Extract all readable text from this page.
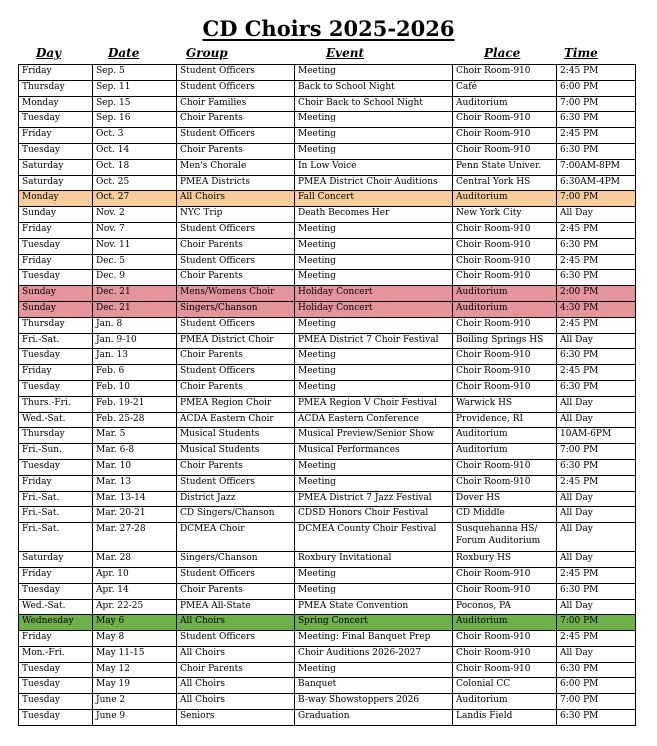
CD Choirs 2025-2026
Day	Date	Group	Event	Place	Time
Friday	Sep. 5	Student Officers	Meeting	Choir Room-910	2:45 PM
Thursday	Sep. 11	Student Officers	Back to School Night	Café	6:00 PM
Monday	Sep. 15	Choir Families	Choir Back to School Night	Auditorium	7:00 PM
Tuesday	Sep. 16	Choir Parents	Meeting	Choir Room-910	6:30 PM
Friday	Oct. 3	Student Officers	Meeting	Choir Room-910	2:45 PM
Tuesday	Oct. 14	Choir Parents	Meeting	Choir Room-910	6:30 PM
Saturday	Oct. 18	Men's Chorale	In Low Voice	Penn State Univer.	7:00AM-8PM
Saturday	Oct. 25	PMEA Districts	PMEA District Choir Auditions	Central York HS	6:30AM-4PM
Monday	Oct. 27	All Choirs	Fall Concert	Auditorium	7:00 PM
Sunday	Nov. 2	NYC Trip	Death Becomes Her	New York City	All Day
Friday	Nov. 7	Student Officers	Meeting	Choir Room-910	2:45 PM
Tuesday	Nov. 11	Choir Parents	Meeting	Choir Room-910	6:30 PM
Friday	Dec. 5	Student Officers	Meeting	Choir Room-910	2:45 PM
Tuesday	Dec. 9	Choir Parents	Meeting	Choir Room-910	6:30 PM
Sunday	Dec. 21	Mens/Womens Choir	Holiday Concert	Auditorium	2:00 PM
Sunday	Dec. 21	Singers/Chanson	Holiday Concert	Auditorium	4:30 PM
Thursday	Jan. 8	Student Officers	Meeting	Choir Room-910	2:45 PM
Fri.-Sat.	Jan. 9-10	PMEA District Choir	PMEA District 7 Choir Festival	Boiling Springs HS	All Day
Tuesday	Jan. 13	Choir Parents	Meeting	Choir Room-910	6:30 PM
Friday	Feb. 6	Student Officers	Meeting	Choir Room-910	2:45 PM
Tuesday	Feb. 10	Choir Parents	Meeting	Choir Room-910	6:30 PM
Thurs.-Fri.	Feb. 19-21	PMEA Region Choir	PMEA Region V Choir Festival	Warwick HS	All Day
Wed.-Sat.	Feb. 25-28	ACDA Eastern Choir	ACDA Eastern Conference	Providence, RI	All Day
Thursday	Mar. 5	Musical Students	Musical Preview/Senior Show	Auditorium	10AM-6PM
Fri.-Sun.	Mar. 6-8	Musical Students	Musical Performances	Auditorium	7:00 PM
Tuesday	Mar. 10	Choir Parents	Meeting	Choir Room-910	6:30 PM
Friday	Mar. 13	Student Officers	Meeting	Choir Room-910	2:45 PM
Fri.-Sat.	Mar. 13-14	District Jazz	PMEA District 7 Jazz Festival	Dover HS	All Day
Fri.-Sat.	Mar. 20-21	CD Singers/Chanson	CDSD Honors Choir Festival	CD Middle	All Day
Fri.-Sat.	Mar. 27-28	DCMEA Choir	DCMEA County Choir Festival	Susquehanna HS/ Forum Auditorium	All Day
Saturday	Mar. 28	Singers/Chanson	Roxbury Invitational	Roxbury HS	All Day
Friday	Apr. 10	Student Officers	Meeting	Choir Room-910	2:45 PM
Tuesday	Apr. 14	Choir Parents	Meeting	Choir Room-910	6:30 PM
Wed.-Sat.	Apr. 22-25	PMEA All-State	PMEA State Convention	Poconos, PA	All Day
Wednesday	May 6	All Choirs	Spring Concert	Auditorium	7:00 PM
Friday	May 8	Student Officers	Meeting: Final Banquet Prep	Choir Room-910	2:45 PM
Mon.-Fri.	May 11-15	All Choirs	Choir Auditions 2026-2027	Choir Room-910	All Day
Tuesday	May 12	Choir Parents	Meeting	Choir Room-910	6:30 PM
Tuesday	May 19	All Choirs	Banquet	Colonial CC	6:00 PM
Tuesday	June 2	All Choirs	B-way Showstoppers 2026	Auditorium	7:00 PM
Tuesday	June 9	Seniors	Graduation	Landis Field	6:30 PM
